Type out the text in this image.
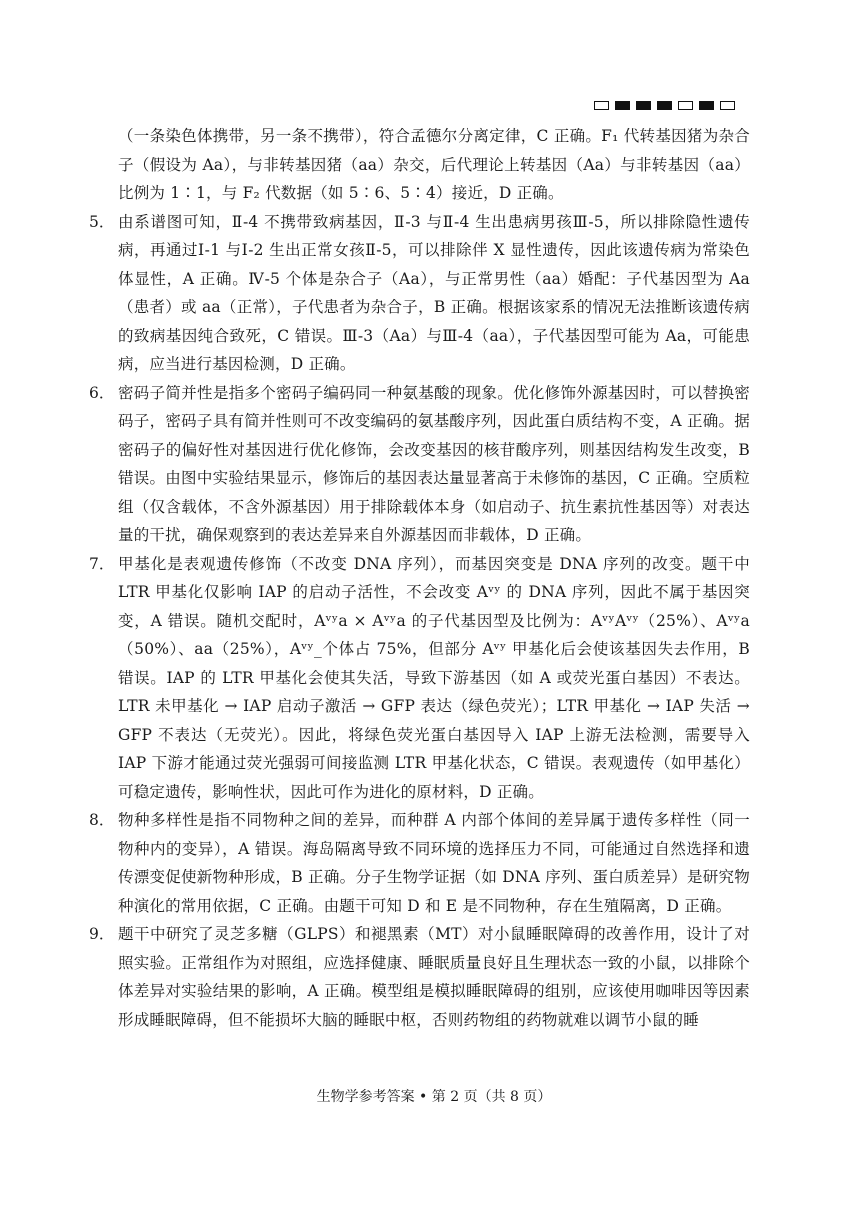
（一条染色体携带，另一条不携带），符合孟德尔分离定律，C 正确。F₁ 代转基因猪为杂合子（假设为 Aa），与非转基因猪（aa）杂交，后代理论上转基因（Aa）与非转基因（aa）比例为 1∶1，与 F₂ 代数据（如 5∶6、5∶4）接近，D 正确。

5． 由系谱图可知，Ⅱ-4 不携带致病基因，Ⅱ-3 与Ⅱ-4 生出患病男孩Ⅲ-5，所以排除隐性遗传病，再通过Ⅰ-1 与Ⅰ-2 生出正常女孩Ⅱ-5，可以排除伴 X 显性遗传，因此该遗传病为常染色体显性，A 正确。Ⅳ-5 个体是杂合子（Aa），与正常男性（aa）婚配：子代基因型为 Aa（患者）或 aa（正常），子代患者为杂合子，B 正确。根据该家系的情况无法推断该遗传病的致病基因纯合致死，C 错误。Ⅲ-3（Aa）与Ⅲ-4（aa），子代基因型可能为 Aa，可能患病，应当进行基因检测，D 正确。

6． 密码子简并性是指多个密码子编码同一种氨基酸的现象。优化修饰外源基因时，可以替换密码子，密码子具有简并性则可不改变编码的氨基酸序列，因此蛋白质结构不变，A 正确。据密码子的偏好性对基因进行优化修饰，会改变基因的核苷酸序列，则基因结构发生改变，B 错误。由图中实验结果显示，修饰后的基因表达量显著高于未修饰的基因，C 正确。空质粒组（仅含载体，不含外源基因）用于排除载体本身（如启动子、抗生素抗性基因等）对表达量的干扰，确保观察到的表达差异来自外源基因而非载体，D 正确。

7． 甲基化是表观遗传修饰（不改变 DNA 序列），而基因突变是 DNA 序列的改变。题干中 LTR 甲基化仅影响 IAP 的启动子活性，不会改变 Aᵛʸ 的 DNA 序列，因此不属于基因突变，A 错误。随机交配时，Aᵛʸa × Aᵛʸa 的子代基因型及比例为：AᵛʸAᵛʸ（25%）、Aᵛʸa（50%）、aa（25%），Aᵛʸ_个体占 75%，但部分 Aᵛʸ 甲基化后会使该基因失去作用，B 错误。IAP 的 LTR 甲基化会使其失活，导致下游基因（如 A 或荧光蛋白基因）不表达。LTR 未甲基化 → IAP 启动子激活 → GFP 表达（绿色荧光）；LTR 甲基化 → IAP 失活 → GFP 不表达（无荧光）。因此，将绿色荧光蛋白基因导入 IAP 上游无法检测，需要导入 IAP 下游才能通过荧光强弱可间接监测 LTR 甲基化状态，C 错误。表观遗传（如甲基化）可稳定遗传，影响性状，因此可作为进化的原材料，D 正确。

8． 物种多样性是指不同物种之间的差异，而种群 A 内部个体间的差异属于遗传多样性（同一物种内的变异），A 错误。海岛隔离导致不同环境的选择压力不同，可能通过自然选择和遗传漂变促使新物种形成，B 正确。分子生物学证据（如 DNA 序列、蛋白质差异）是研究物种演化的常用依据，C 正确。由题干可知 D 和 E 是不同物种，存在生殖隔离，D 正确。

9． 题干中研究了灵芝多糖（GLPS）和褪黑素（MT）对小鼠睡眠障碍的改善作用，设计了对照实验。正常组作为对照组，应选择健康、睡眠质量良好且生理状态一致的小鼠，以排除个体差异对实验结果的影响，A 正确。模型组是模拟睡眠障碍的组别，应该使用咖啡因等因素形成睡眠障碍，但不能损坏大脑的睡眠中枢，否则药物组的药物就难以调节小鼠的睡

生物学参考答案 • 第 2 页（共 8 页）
